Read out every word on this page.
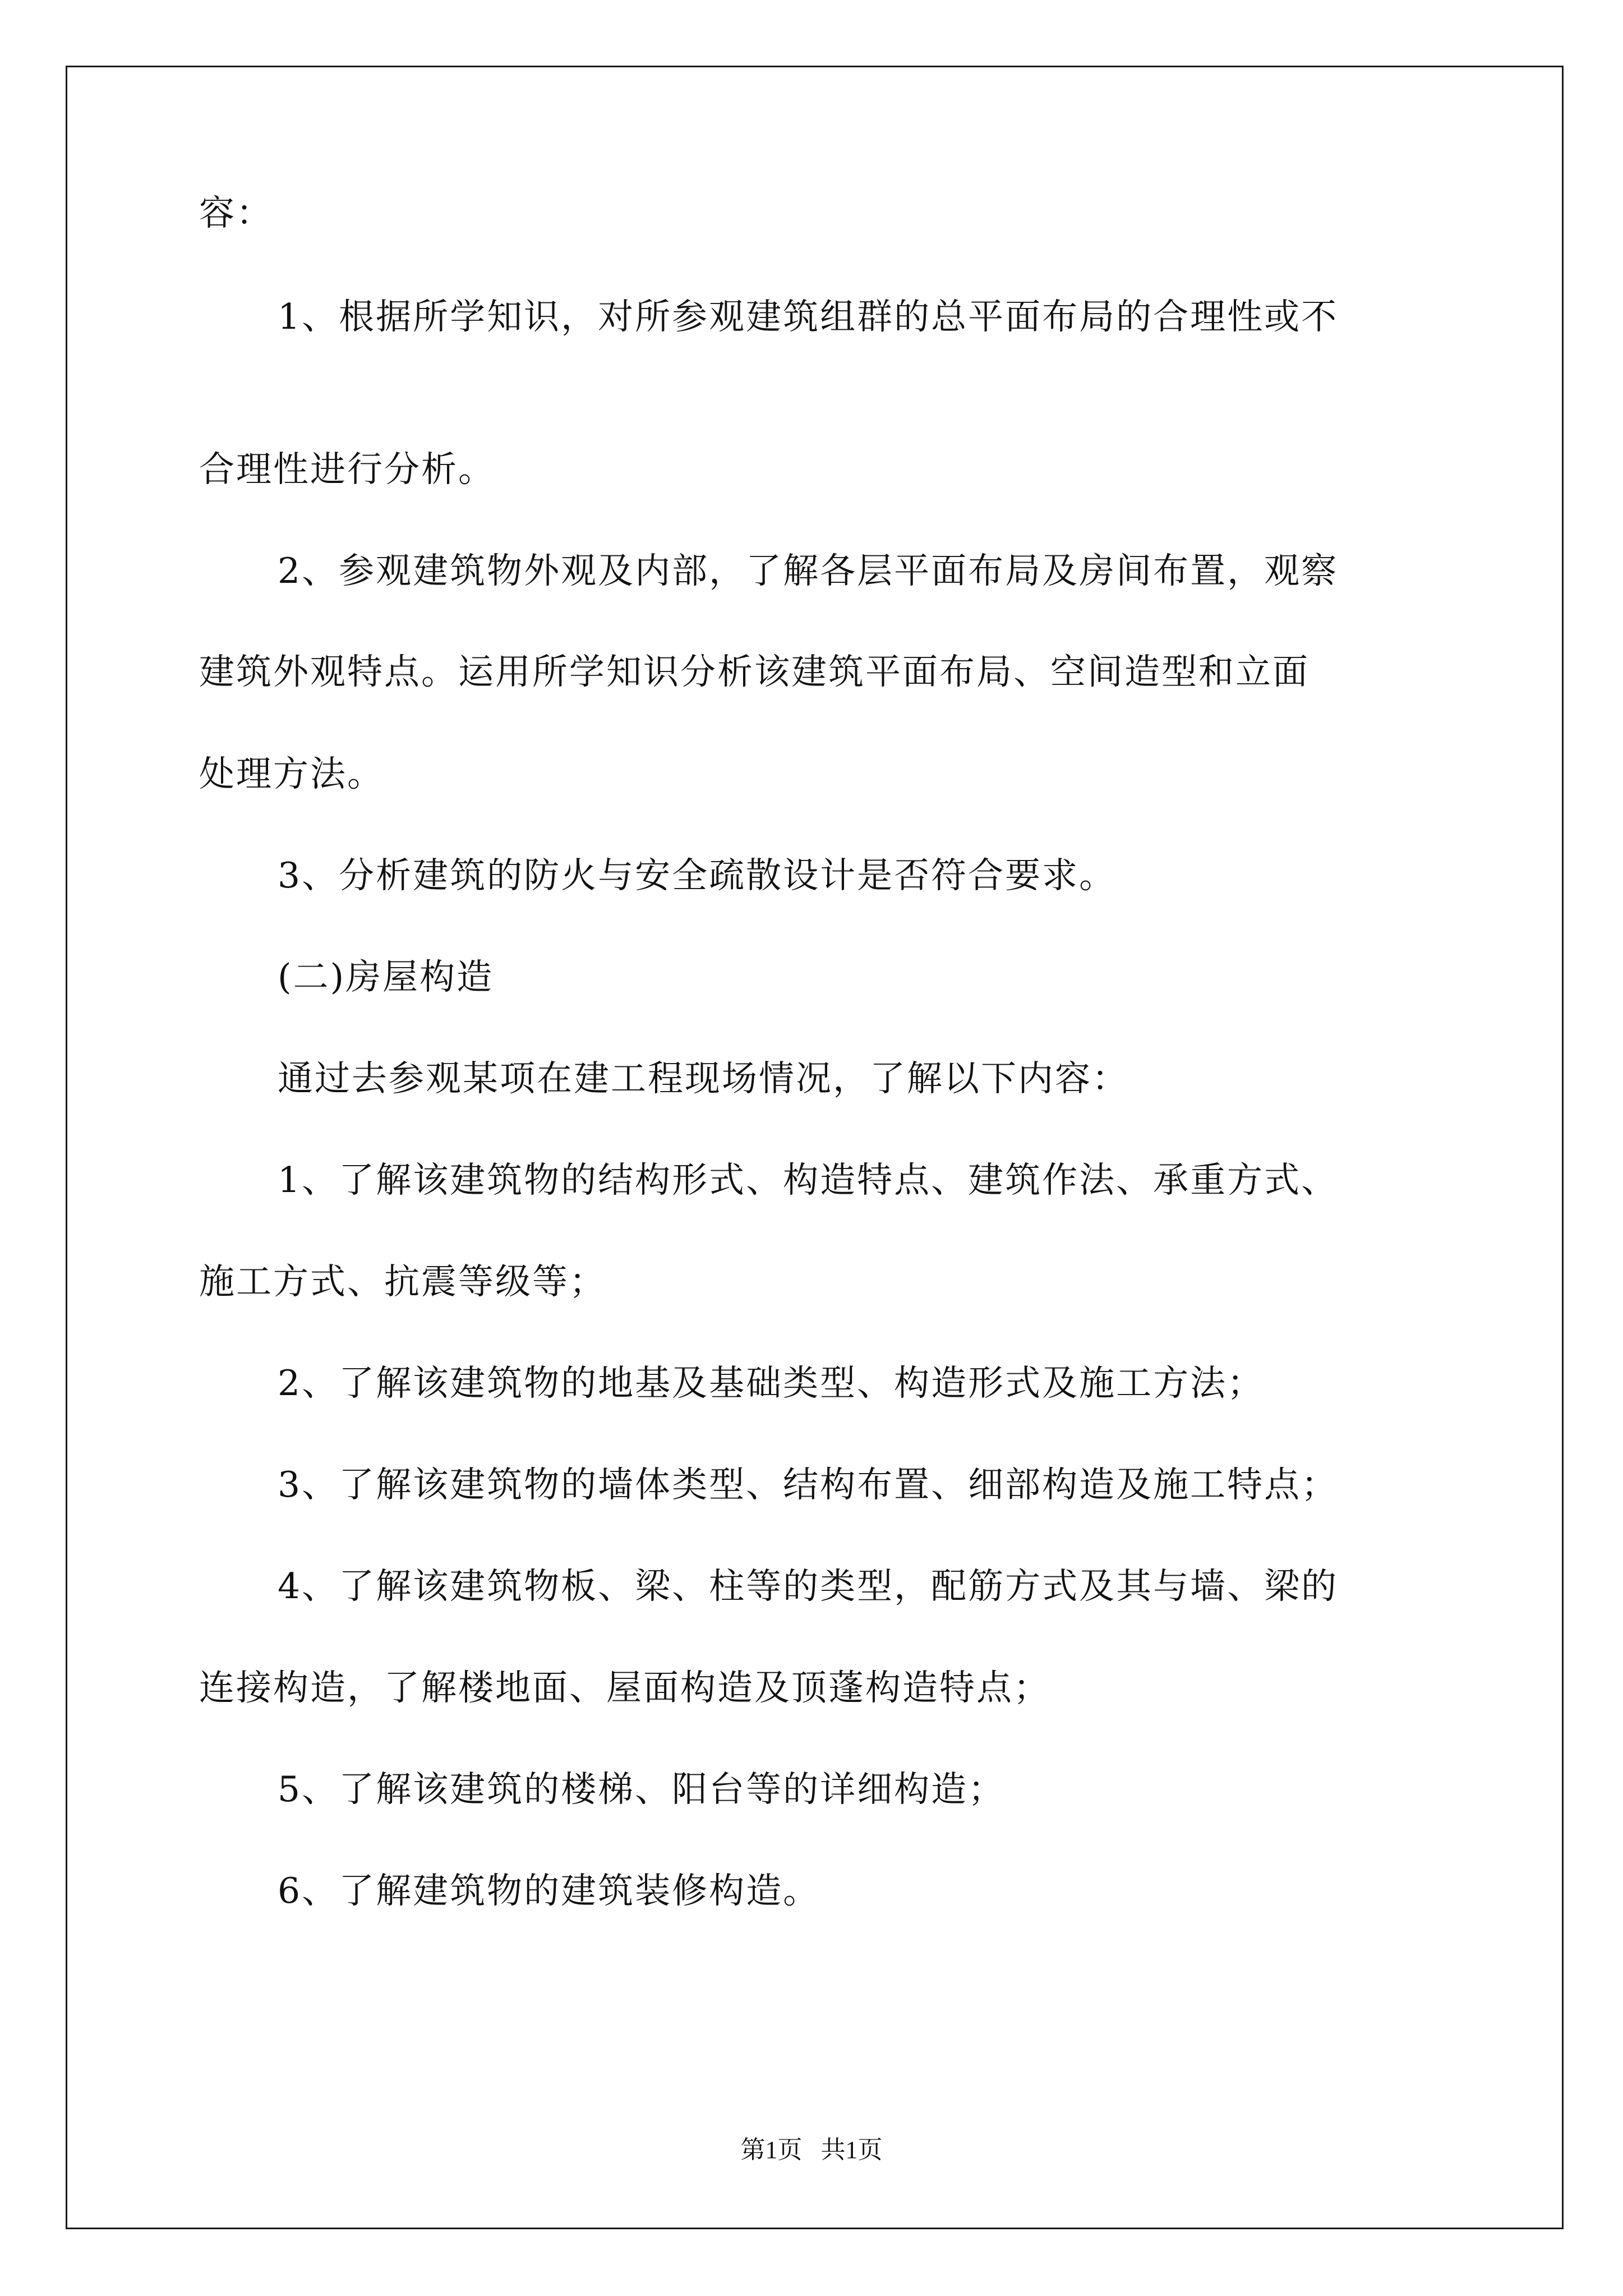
容：
1、根据所学知识，对所参观建筑组群的总平面布局的合理性或不
合理性进行分析。
2、参观建筑物外观及内部，了解各层平面布局及房间布置，观察
建筑外观特点。运用所学知识分析该建筑平面布局、空间造型和立面
处理方法。
3、分析建筑的防火与安全疏散设计是否符合要求。
(二)房屋构造
通过去参观某项在建工程现场情况，了解以下内容：
1、了解该建筑物的结构形式、构造特点、建筑作法、承重方式、
施工方式、抗震等级等；
2、了解该建筑物的地基及基础类型、构造形式及施工方法；
3、了解该建筑物的墙体类型、结构布置、细部构造及施工特点；
4、了解该建筑物板、梁、柱等的类型，配筋方式及其与墙、梁的
连接构造，了解楼地面、屋面构造及顶蓬构造特点；
5、了解该建筑的楼梯、阳台等的详细构造；
6、了解建筑物的建筑装修构造。
第1页   共1页
